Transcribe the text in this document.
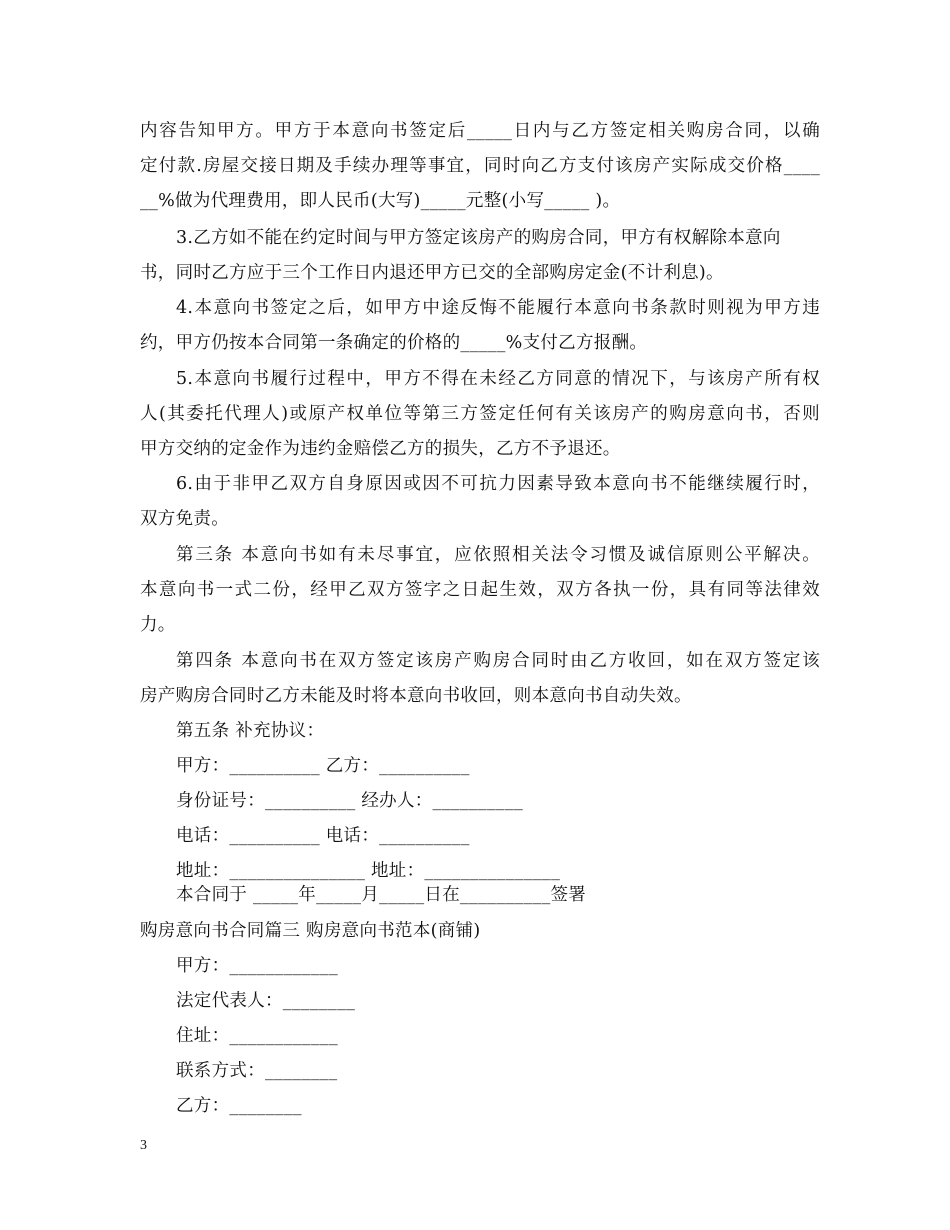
内容告知甲方。甲方于本意向书签定后_____日内与乙方签定相关购房合同，以确
定付款.房屋交接日期及手续办理等事宜，同时向乙方支付该房产实际成交价格____
__%做为代理费用，即人民币(大写)_____元整(小写_____ )。
3.乙方如不能在约定时间与甲方签定该房产的购房合同，甲方有权解除本意向
书，同时乙方应于三个工作日内退还甲方已交的全部购房定金(不计利息)。
4.本意向书签定之后，如甲方中途反悔不能履行本意向书条款时则视为甲方违
约，甲方仍按本合同第一条确定的价格的_____%支付乙方报酬。
5.本意向书履行过程中，甲方不得在未经乙方同意的情况下，与该房产所有权
人(其委托代理人)或原产权单位等第三方签定任何有关该房产的购房意向书，否则
甲方交纳的定金作为违约金赔偿乙方的损失，乙方不予退还。
6.由于非甲乙双方自身原因或因不可抗力因素导致本意向书不能继续履行时，
双方免责。
第三条 本意向书如有未尽事宜，应依照相关法令习惯及诚信原则公平解决。
本意向书一式二份，经甲乙双方签字之日起生效，双方各执一份，具有同等法律效
力。
第四条 本意向书在双方签定该房产购房合同时由乙方收回，如在双方签定该
房产购房合同时乙方未能及时将本意向书收回，则本意向书自动失效。
第五条 补充协议：
甲方：__________ 乙方：__________
身份证号：__________ 经办人：__________
电话：__________ 电话：__________
地址：_______________ 地址：_______________
本合同于 _____年_____月_____日在__________签署
购房意向书合同篇三 购房意向书范本(商铺)
甲方：____________
法定代表人：________
住址：____________
联系方式：________
乙方：________
3
